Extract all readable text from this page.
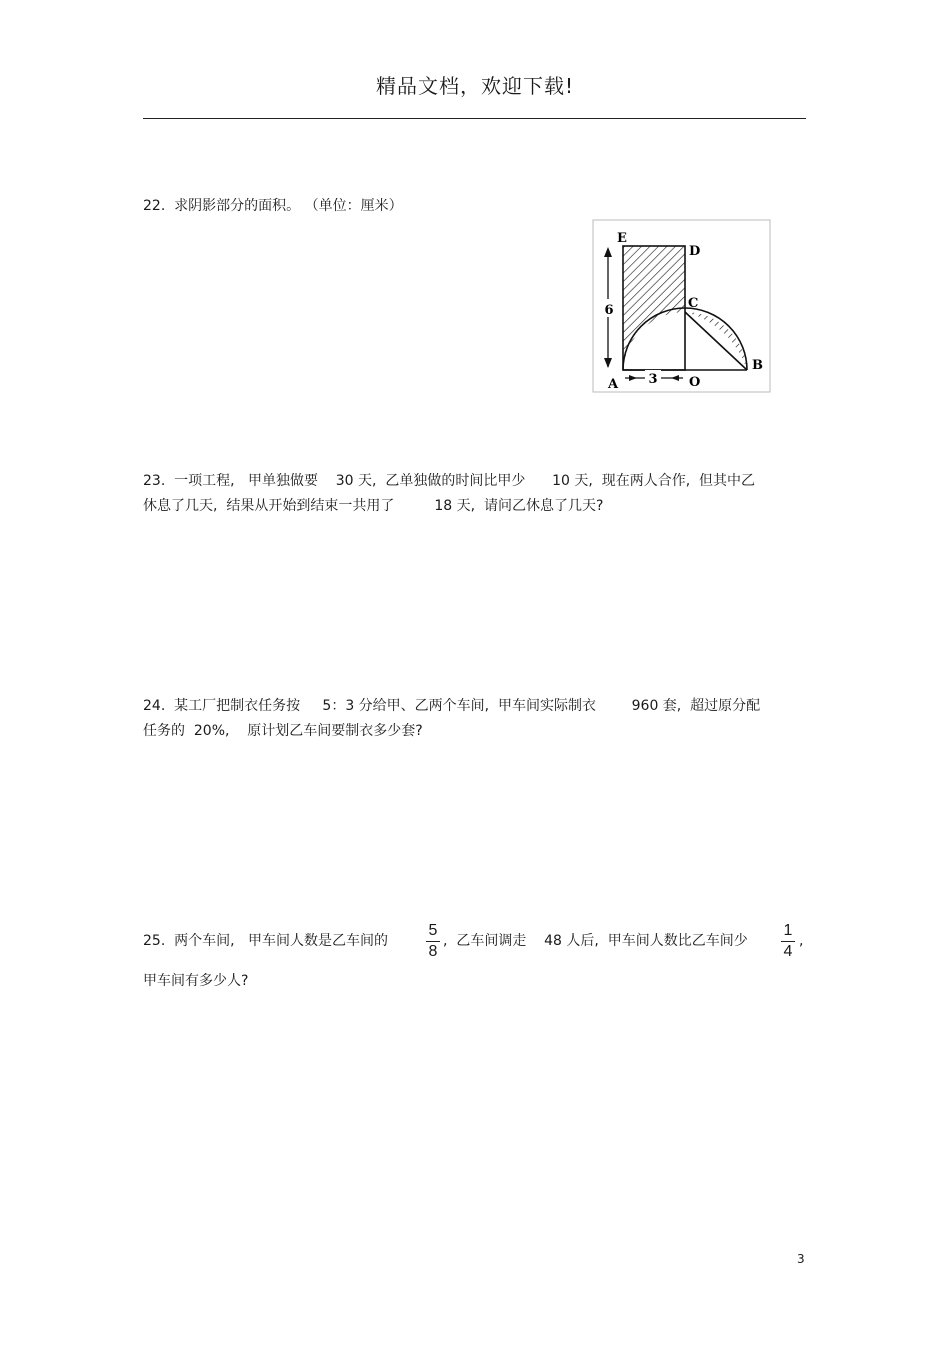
精品文档，欢迎下载!
22.  求阴影部分的面积。 （单位：厘米）
6
3
E
D
C
B
A	O
23.  一项工程,   甲单独做要    30 天,  乙单独做的时间比甲少      10 天,  现在两人合作,  但其中乙
休息了几天,  结果从开始到结束一共用了         18 天,  请问乙休息了几天?
24.  某工厂把制衣任务按     5：3 分给甲、乙两个车间,  甲车间实际制衣        960 套,  超过原分配
任务的  20%,    原计划乙车间要制衣多少套?
25.  两个车间,   甲车间人数是乙车间的
5
8
,  乙车间调走    48 人后,  甲车间人数比乙车间少
1
4
,
甲车间有多少人?
3
